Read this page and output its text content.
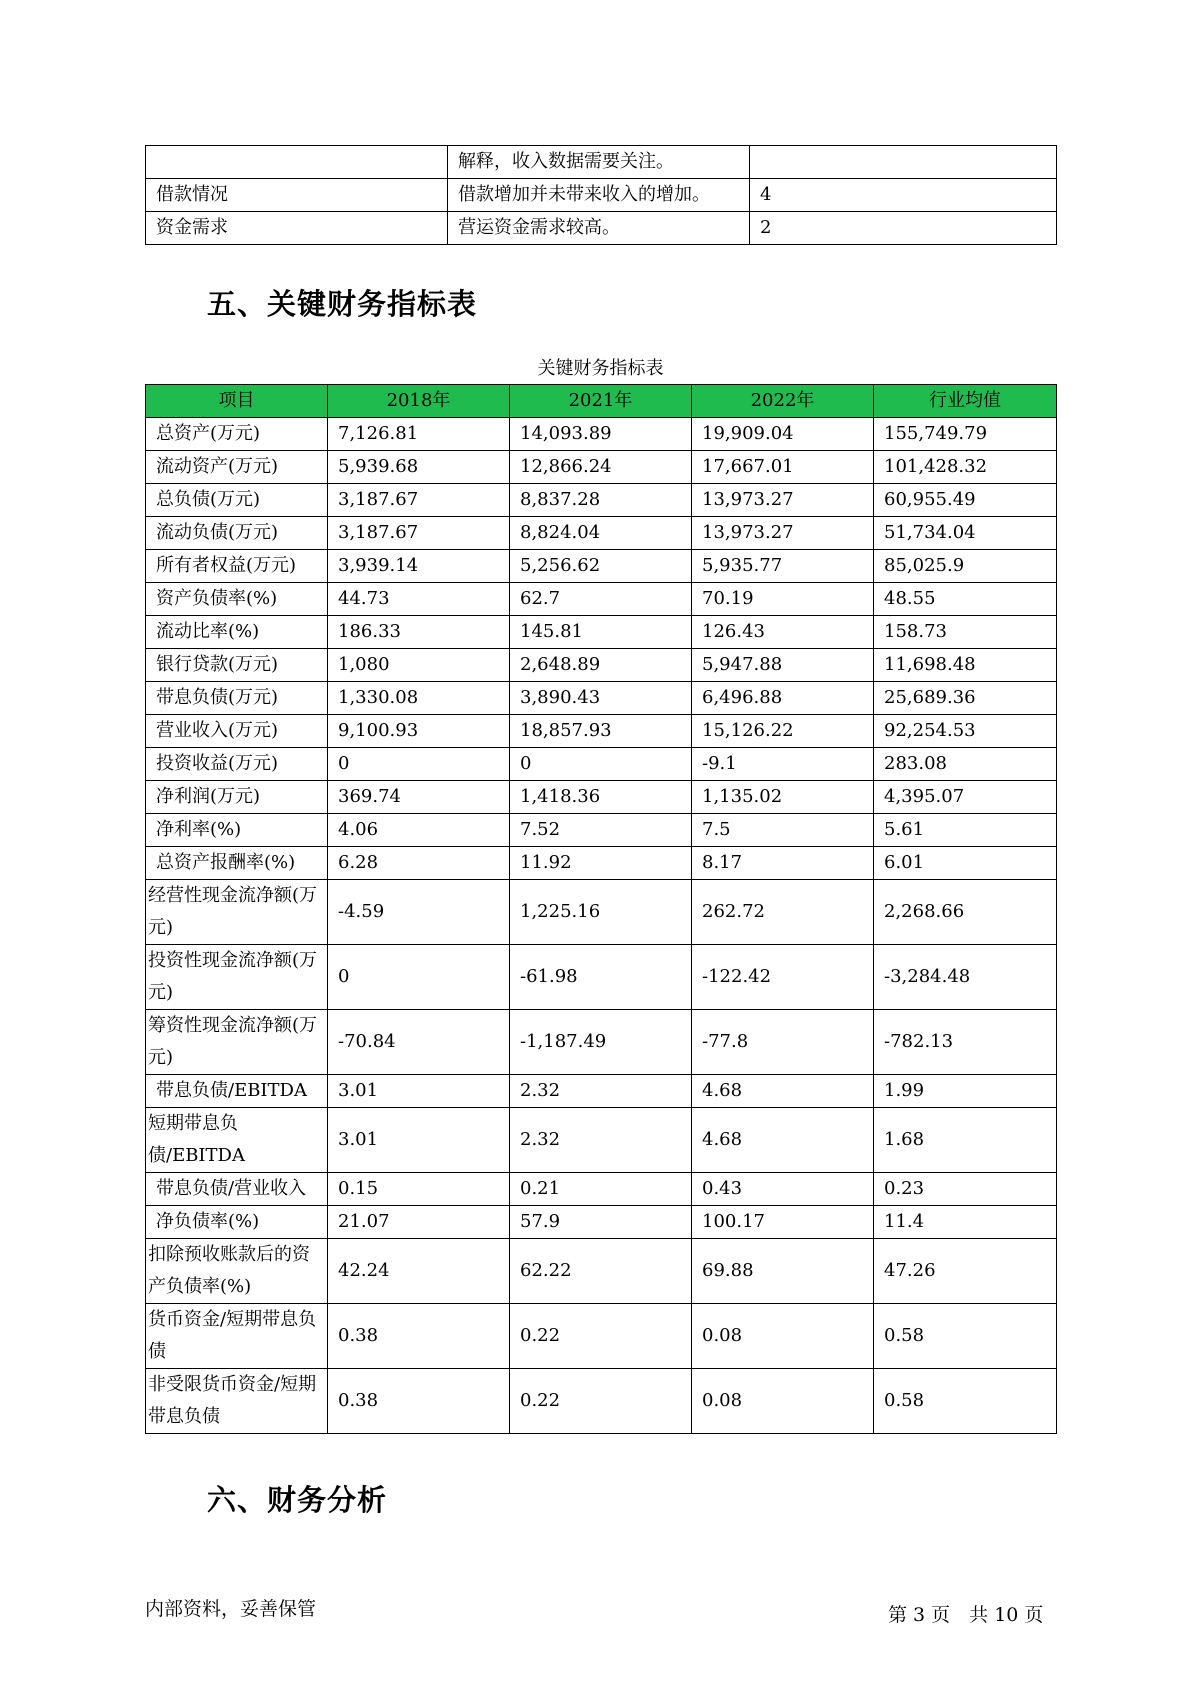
	解释，收入数据需要关注。	
借款情况	借款增加并未带来收入的增加。	4
资金需求	营运资金需求较高。	2
五、关键财务指标表
关键财务指标表
项目	2018年	2021年	2022年	行业均值
总资产(万元)	7,126.81	14,093.89	19,909.04	155,749.79
流动资产(万元)	5,939.68	12,866.24	17,667.01	101,428.32
总负债(万元)	3,187.67	8,837.28	13,973.27	60,955.49
流动负债(万元)	3,187.67	8,824.04	13,973.27	51,734.04
所有者权益(万元)	3,939.14	5,256.62	5,935.77	85,025.9
资产负债率(%)	44.73	62.7	70.19	48.55
流动比率(%)	186.33	145.81	126.43	158.73
银行贷款(万元)	1,080	2,648.89	5,947.88	11,698.48
带息负债(万元)	1,330.08	3,890.43	6,496.88	25,689.36
营业收入(万元)	9,100.93	18,857.93	15,126.22	92,254.53
投资收益(万元)	0	0	-9.1	283.08
净利润(万元)	369.74	1,418.36	1,135.02	4,395.07
净利率(%)	4.06	7.52	7.5	5.61
总资产报酬率(%)	6.28	11.92	8.17	6.01
经营性现金流净额(万元)	-4.59	1,225.16	262.72	2,268.66
投资性现金流净额(万元)	0	-61.98	-122.42	-3,284.48
筹资性现金流净额(万元)	-70.84	-1,187.49	-77.8	-782.13
带息负债/EBITDA	3.01	2.32	4.68	1.99
短期带息负债/EBITDA	3.01	2.32	4.68	1.68
带息负债/营业收入	0.15	0.21	0.43	0.23
净负债率(%)	21.07	57.9	100.17	11.4
扣除预收账款后的资产负债率(%)	42.24	62.22	69.88	47.26
货币资金/短期带息负债	0.38	0.22	0.08	0.58
非受限货币资金/短期带息负债	0.38	0.22	0.08	0.58
六、财务分析
内部资料，妥善保管	第 3 页　共 10 页
